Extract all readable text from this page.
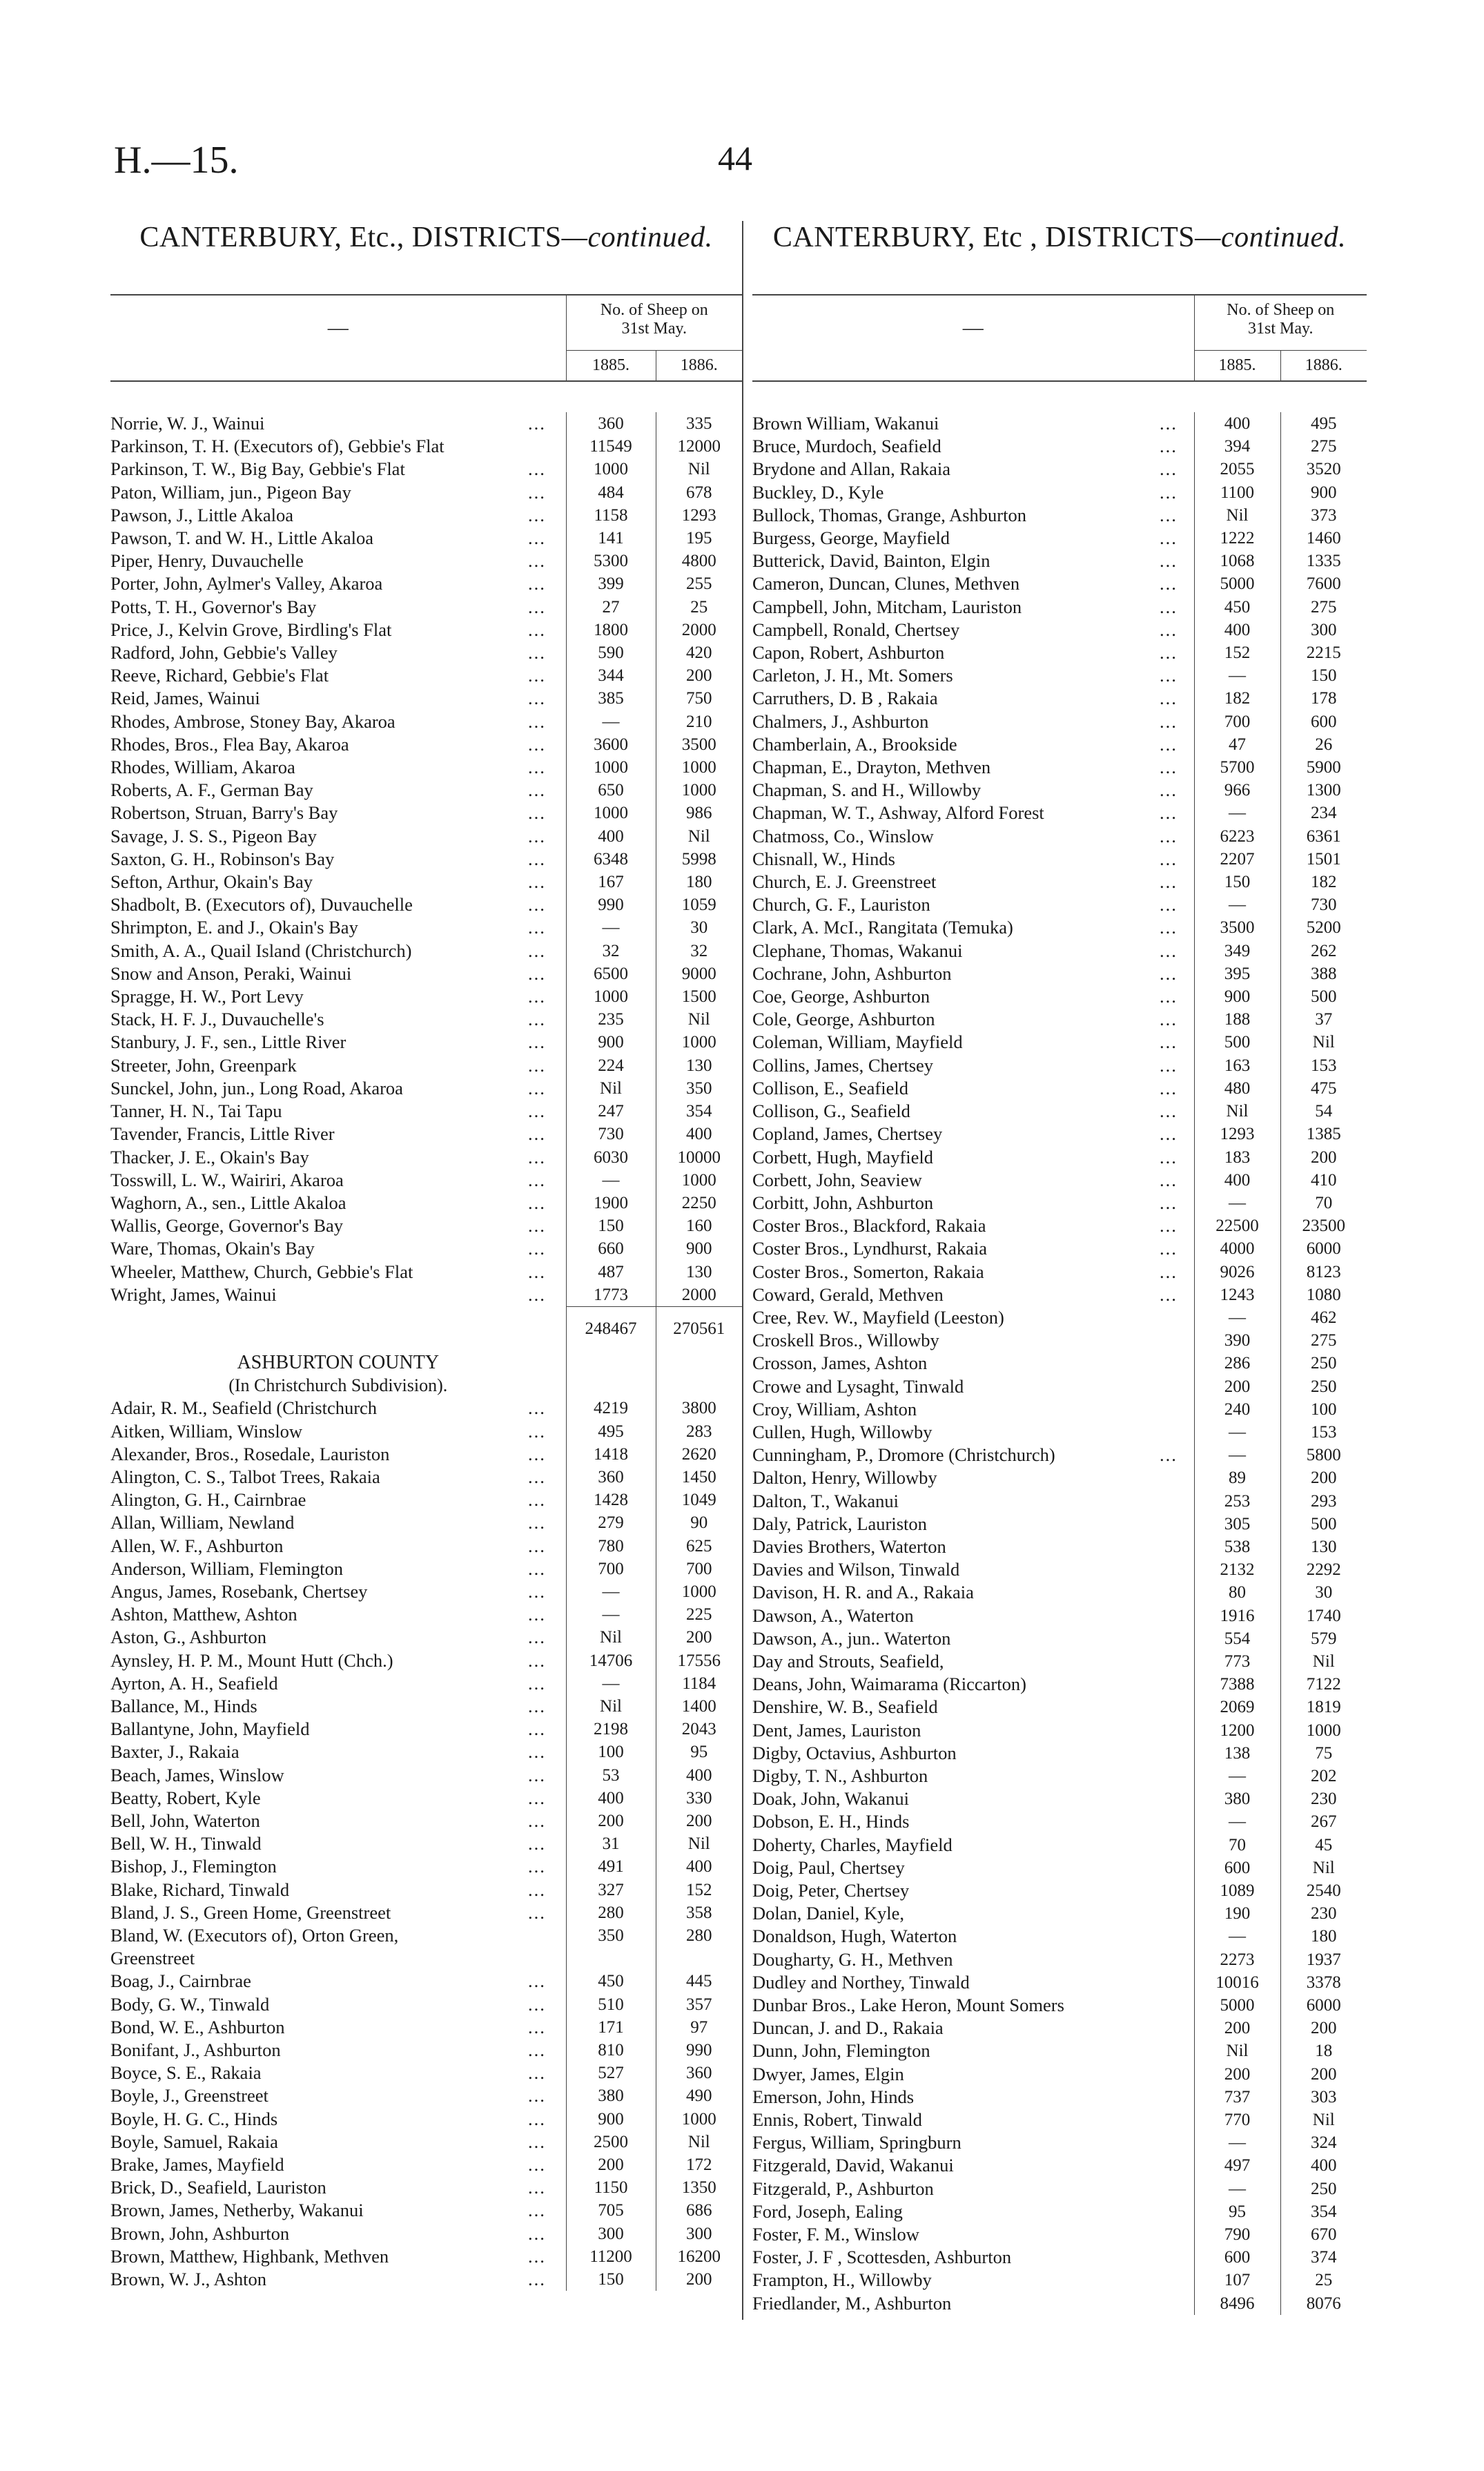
H.—15.	44
CANTERBURY, Etc., DISTRICTS—continued.
—	No. of Sheep on
31st May.	
	1885.	1886.
Norrie, W. J., Wainui	...	360	335
Parkinson, T. H. (Executors of), Gebbie's Flat		11549	12000
Parkinson, T. W., Big Bay, Gebbie's Flat	...	1000	Nil
Paton, William, jun., Pigeon Bay	...	484	678
Pawson, J., Little Akaloa	...	1158	1293
Pawson, T. and W. H., Little Akaloa	...	141	195
Piper, Henry, Duvauchelle	...	5300	4800
Porter, John, Aylmer's Valley, Akaroa	...	399	255
Potts, T. H., Governor's Bay	...	27	25
Price, J., Kelvin Grove, Birdling's Flat	...	1800	2000
Radford, John, Gebbie's Valley	...	590	420
Reeve, Richard, Gebbie's Flat	...	344	200
Reid, James, Wainui	...	385	750
Rhodes, Ambrose, Stoney Bay, Akaroa	...	—	210
Rhodes, Bros., Flea Bay, Akaroa	...	3600	3500
Rhodes, William, Akaroa	...	1000	1000
Roberts, A. F., German Bay	...	650	1000
Robertson, Struan, Barry's Bay	...	1000	986
Savage, J. S. S., Pigeon Bay	...	400	Nil
Saxton, G. H., Robinson's Bay	...	6348	5998
Sefton, Arthur, Okain's Bay	...	167	180
Shadbolt, B. (Executors of), Duvauchelle	...	990	1059
Shrimpton, E. and J., Okain's Bay	...	—	30
Smith, A. A., Quail Island (Christchurch)	...	32	32
Snow and Anson, Peraki, Wainui	...	6500	9000
Spragge, H. W., Port Levy	...	1000	1500
Stack, H. F. J., Duvauchelle's	...	235	Nil
Stanbury, J. F., sen., Little River	...	900	1000
Streeter, John, Greenpark	...	224	130
Sunckel, John, jun., Long Road, Akaroa	...	Nil	350
Tanner, H. N., Tai Tapu	...	247	354
Tavender, Francis, Little River	...	730	400
Thacker, J. E., Okain's Bay	...	6030	10000
Tosswill, L. W., Wairiri, Akaroa	...	—	1000
Waghorn, A., sen., Little Akaloa	...	1900	2250
Wallis, George, Governor's Bay	...	150	160
Ware, Thomas, Okain's Bay	...	660	900
Wheeler, Matthew, Church, Gebbie's Flat	...	487	130
Wright, James, Wainui	...	1773	2000
		248467	270561
ASHBURTON COUNTY			
(In Christchurch Subdivision).			
Adair, R. M., Seafield (Christchurch	...	4219	3800
Aitken, William, Winslow	...	495	283
Alexander, Bros., Rosedale, Lauriston	...	1418	2620
Alington, C. S., Talbot Trees, Rakaia	...	360	1450
Alington, G. H., Cairnbrae	...	1428	1049
Allan, William, Newland	...	279	90
Allen, W. F., Ashburton	...	780	625
Anderson, William, Flemington	...	700	700
Angus, James, Rosebank, Chertsey	...	—	1000
Ashton, Matthew, Ashton	...	—	225
Aston, G., Ashburton	...	Nil	200
Aynsley, H. P. M., Mount Hutt (Chch.)	...	14706	17556
Ayrton, A. H., Seafield	...	—	1184
Ballance, M., Hinds	...	Nil	1400
Ballantyne, John, Mayfield	...	2198	2043
Baxter, J., Rakaia	...	100	95
Beach, James, Winslow	...	53	400
Beatty, Robert, Kyle	...	400	330
Bell, John, Waterton	...	200	200
Bell, W. H., Tinwald	...	31	Nil
Bishop, J., Flemington	...	491	400
Blake, Richard, Tinwald	...	327	152
Bland, J. S., Green Home, Greenstreet	...	280	358
Bland, W. (Executors of), Orton Green,		350	280
Greenstreet			
Boag, J., Cairnbrae	...	450	445
Body, G. W., Tinwald	...	510	357
Bond, W. E., Ashburton	...	171	97
Bonifant, J., Ashburton	...	810	990
Boyce, S. E., Rakaia	...	527	360
Boyle, J., Greenstreet	...	380	490
Boyle, H. G. C., Hinds	...	900	1000
Boyle, Samuel, Rakaia	...	2500	Nil
Brake, James, Mayfield	...	200	172
Brick, D., Seafield, Lauriston	...	1150	1350
Brown, James, Netherby, Wakanui	...	705	686
Brown, John, Ashburton	...	300	300
Brown, Matthew, Highbank, Methven	...	11200	16200
Brown, W. J., Ashton	...	150	200
CANTERBURY, Etc , DISTRICTS—continued.
—	No. of Sheep on
31st May.	
	1885.	1886.
Brown William, Wakanui	...	400	495
Bruce, Murdoch, Seafield	...	394	275
Brydone and Allan, Rakaia	...	2055	3520
Buckley, D., Kyle	...	1100	900
Bullock, Thomas, Grange, Ashburton	...	Nil	373
Burgess, George, Mayfield	...	1222	1460
Butterick, David, Bainton, Elgin	...	1068	1335
Cameron, Duncan, Clunes, Methven	...	5000	7600
Campbell, John, Mitcham, Lauriston	...	450	275
Campbell, Ronald, Chertsey	...	400	300
Capon, Robert, Ashburton	...	152	2215
Carleton, J. H., Mt. Somers	...	—	150
Carruthers, D. B , Rakaia	...	182	178
Chalmers, J., Ashburton	...	700	600
Chamberlain, A., Brookside	...	47	26
Chapman, E., Drayton, Methven	...	5700	5900
Chapman, S. and H., Willowby	...	966	1300
Chapman, W. T., Ashway, Alford Forest	...	—	234
Chatmoss, Co., Winslow	...	6223	6361
Chisnall, W., Hinds	...	2207	1501
Church, E. J. Greenstreet	...	150	182
Church, G. F., Lauriston	...	—	730
Clark, A. McI., Rangitata (Temuka)	...	3500	5200
Clephane, Thomas, Wakanui	...	349	262
Cochrane, John, Ashburton	...	395	388
Coe, George, Ashburton	...	900	500
Cole, George, Ashburton	...	188	37
Coleman, William, Mayfield	...	500	Nil
Collins, James, Chertsey	...	163	153
Collison, E., Seafield	...	480	475
Collison, G., Seafield	...	Nil	54
Copland, James, Chertsey	...	1293	1385
Corbett, Hugh, Mayfield	...	183	200
Corbett, John, Seaview	...	400	410
Corbitt, John, Ashburton	...	—	70
Coster Bros., Blackford, Rakaia	...	22500	23500
Coster Bros., Lyndhurst, Rakaia	...	4000	6000
Coster Bros., Somerton, Rakaia	...	9026	8123
Coward, Gerald, Methven	...	1243	1080
Cree, Rev. W., Mayfield (Leeston)		—	462
Croskell Bros., Willowby		390	275
Crosson, James, Ashton		286	250
Crowe and Lysaght, Tinwald		200	250
Croy, William, Ashton		240	100
Cullen, Hugh, Willowby		—	153
Cunningham, P., Dromore (Christchurch)	...	—	5800
Dalton, Henry, Willowby		89	200
Dalton, T., Wakanui		253	293
Daly, Patrick, Lauriston		305	500
Davies Brothers, Waterton		538	130
Davies and Wilson, Tinwald		2132	2292
Davison, H. R. and A., Rakaia		80	30
Dawson, A., Waterton		1916	1740
Dawson, A., jun.. Waterton		554	579
Day and Strouts, Seafield,		773	Nil
Deans, John, Waimarama (Riccarton)		7388	7122
Denshire, W. B., Seafield		2069	1819
Dent, James, Lauriston		1200	1000
Digby, Octavius, Ashburton		138	75
Digby, T. N., Ashburton		—	202
Doak, John, Wakanui		380	230
Dobson, E. H., Hinds		—	267
Doherty, Charles, Mayfield		70	45
Doig, Paul, Chertsey		600	Nil
Doig, Peter, Chertsey		1089	2540
Dolan, Daniel, Kyle,		190	230
Donaldson, Hugh, Waterton		—	180
Dougharty, G. H., Methven		2273	1937
Dudley and Northey, Tinwald		10016	3378
Dunbar Bros., Lake Heron, Mount Somers		5000	6000
Duncan, J. and D., Rakaia		200	200
Dunn, John, Flemington		Nil	18
Dwyer, James, Elgin		200	200
Emerson, John, Hinds		737	303
Ennis, Robert, Tinwald		770	Nil
Fergus, William, Springburn		—	324
Fitzgerald, David, Wakanui		497	400
Fitzgerald, P., Ashburton		—	250
Ford, Joseph, Ealing		95	354
Foster, F. M., Winslow		790	670
Foster, J. F , Scottesden, Ashburton		600	374
Frampton, H., Willowby		107	25
Friedlander, M., Ashburton		8496	8076
